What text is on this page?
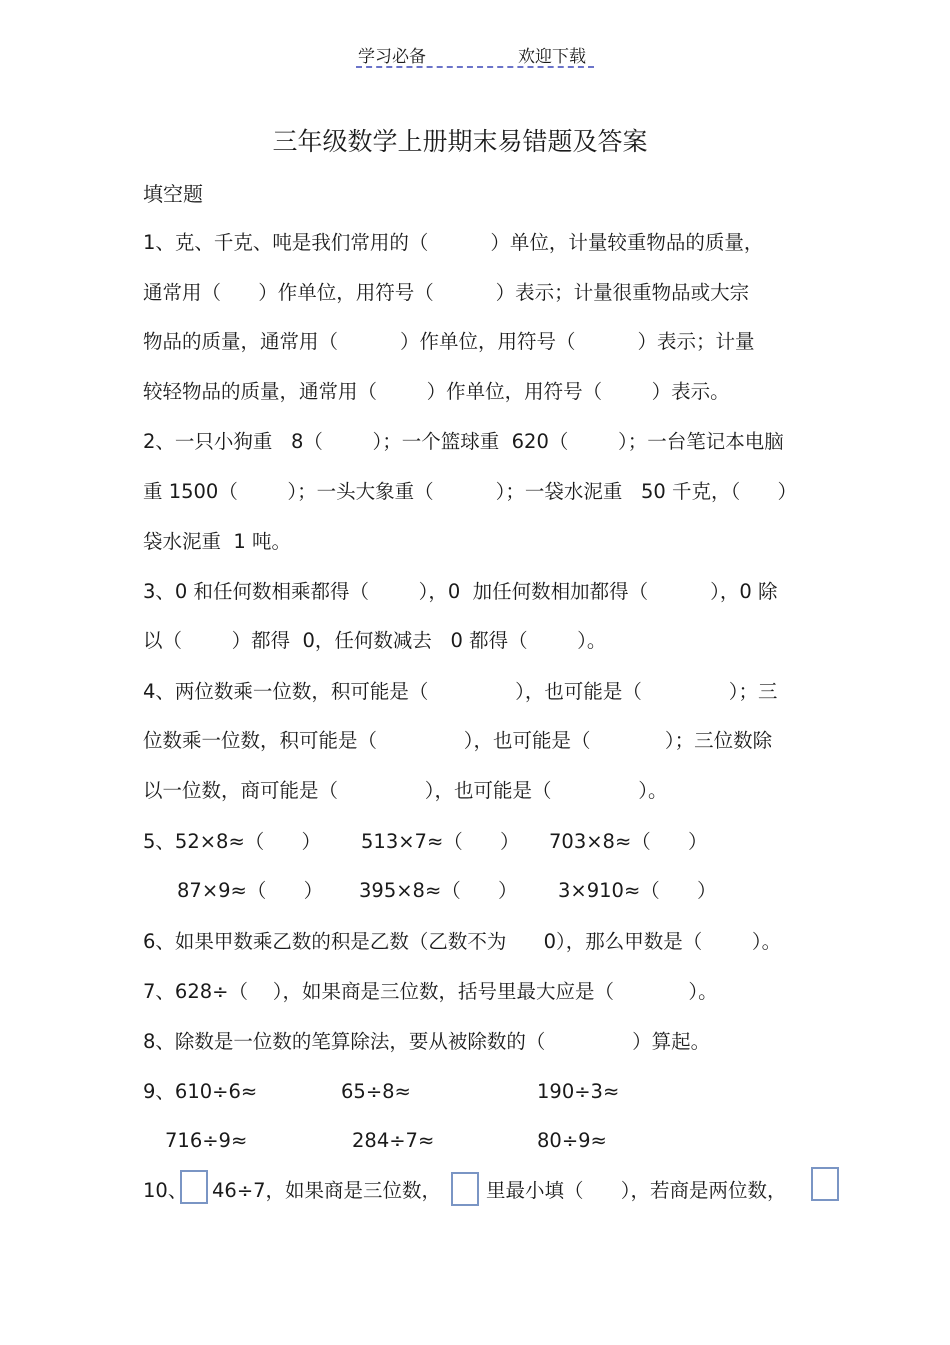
学习必备	欢迎下载
三年级数学上册期末易错题及答案
填空题
1、克、千克、吨是我们常用的（          ）单位，计量较重物品的质量，
通常用（      ）作单位，用符号（          ）表示；计量很重物品或大宗
物品的质量，通常用（          ）作单位，用符号（          ）表示；计量
较轻物品的质量，通常用（        ）作单位，用符号（        ）表示。
2、一只小狗重   8（        ）；一个篮球重  620（        ）；一台笔记本电脑
重 1500（        ）；一头大象重（          ）；一袋水泥重   50 千克，（      ）
袋水泥重  1 吨。
3、0 和任何数相乘都得（        ），0  加任何数相加都得（          ），0 除
以（        ）都得  0，任何数减去   0 都得（        ）。
4、两位数乘一位数，积可能是（              ），也可能是（              ）；三
位数乘一位数，积可能是（              ），也可能是（            ）；三位数除
以一位数，商可能是（              ），也可能是（              ）。
5、52×8≈（      ） 513×7≈（      ） 703×8≈（      ）
87×9≈（      ） 395×8≈（      ） 3×910≈（      ）
6、如果甲数乘乙数的积是乙数（乙数不为      0），那么甲数是（        ）。
7、628÷（    ），如果商是三位数，括号里最大应是（            ）。
8、除数是一位数的笔算除法，要从被除数的（              ）算起。
9、610÷6≈	65÷8≈	190÷3≈
716÷9≈	284÷7≈	80÷9≈
10、 46÷7，如果商是三位数， 里最小填（      ），若商是两位数，
